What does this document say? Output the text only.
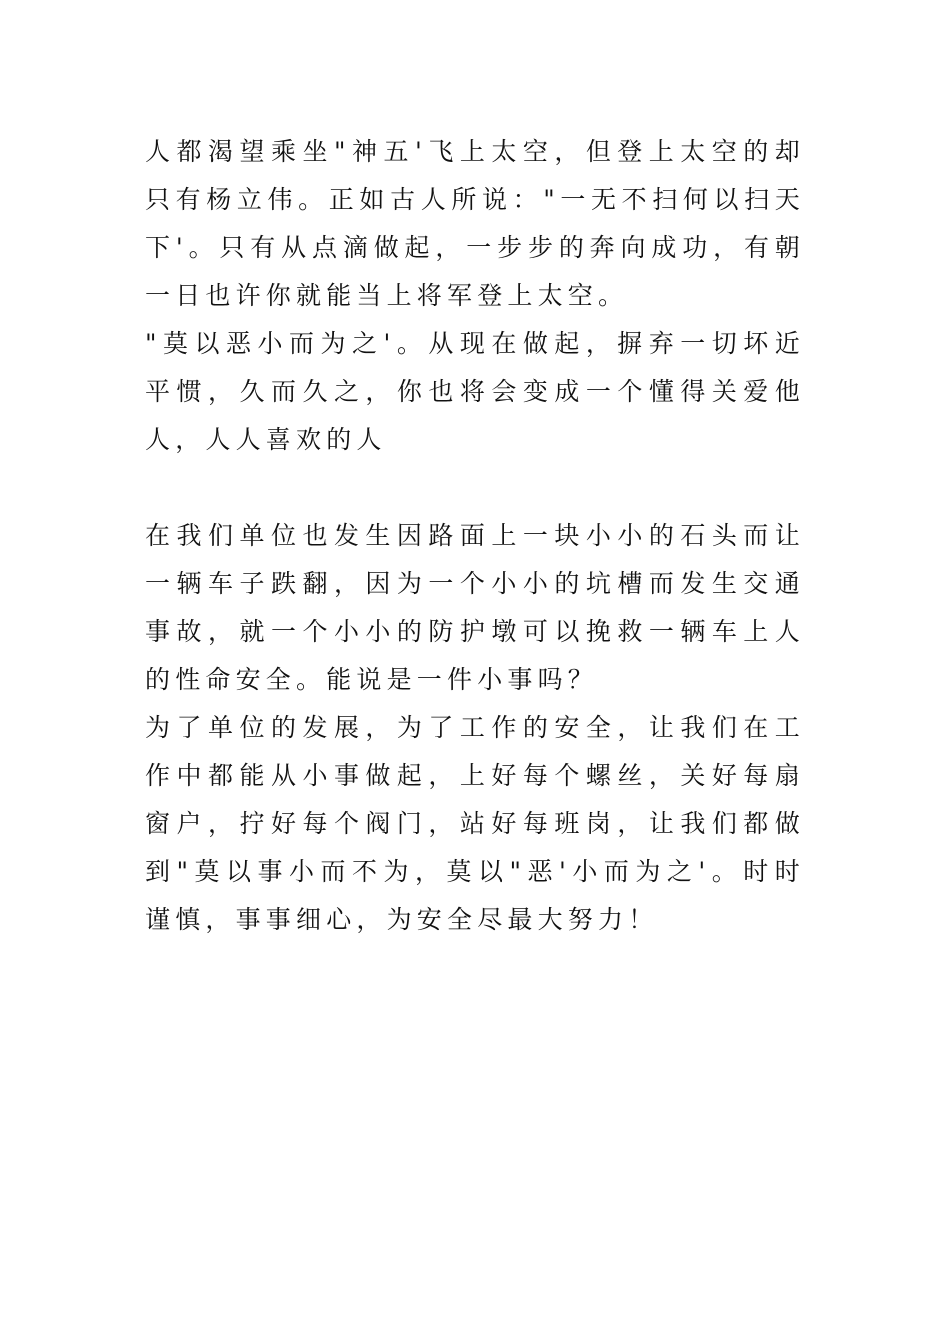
人都渴望乘坐"神五'飞上太空，但登上太空的却只有杨立伟。正如古人所说："一无不扫何以扫天下'。只有从点滴做起，一步步的奔向成功，有朝一日也许你就能当上将军登上太空。

"莫以恶小而为之'。从现在做起，摒弃一切坏近平惯，久而久之，你也将会变成一个懂得关爱他人，人人喜欢的人

在我们单位也发生因路面上一块小小的石头而让一辆车子跌翻，因为一个小小的坑槽而发生交通事故，就一个小小的防护墩可以挽救一辆车上人的性命安全。能说是一件小事吗？

为了单位的发展，为了工作的安全，让我们在工作中都能从小事做起，上好每个螺丝，关好每扇窗户，拧好每个阀门，站好每班岗，让我们都做到"莫以事小而不为，莫以"恶'小而为之'。时时谨慎，事事细心，为安全尽最大努力！
